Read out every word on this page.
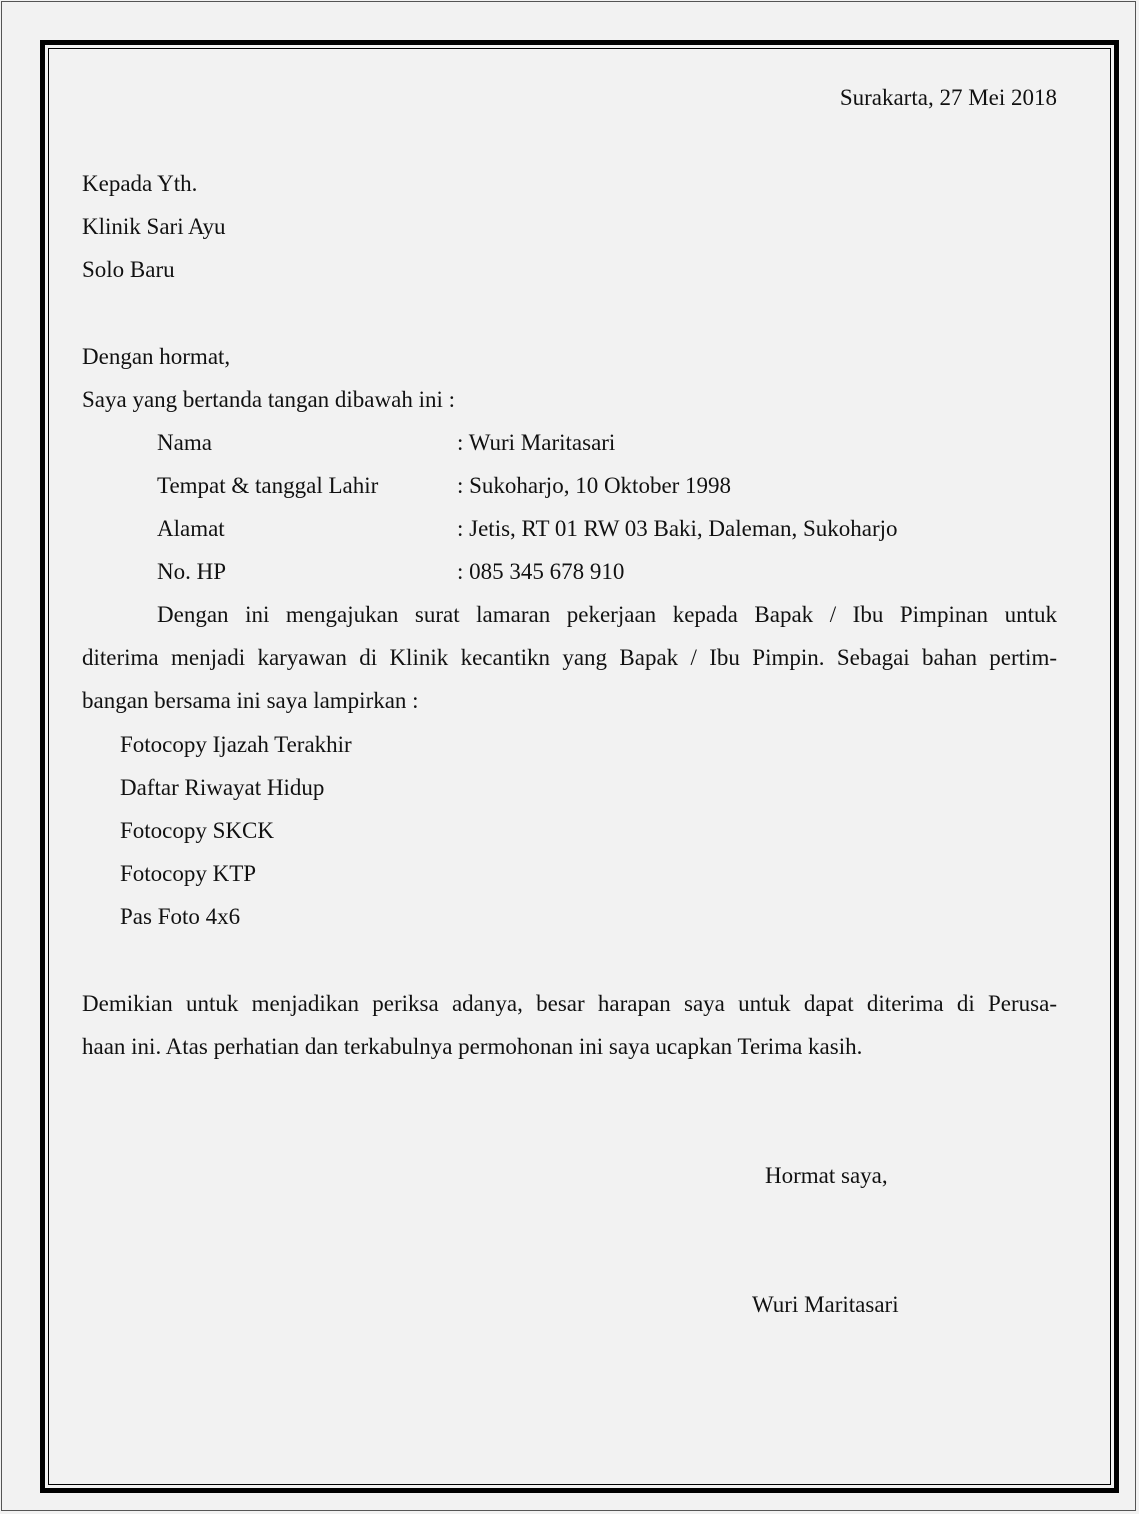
Surakarta, 27 Mei 2018

Kepada Yth.

Klinik Sari Ayu

Solo Baru

Dengan hormat,

Saya yang bertanda tangan dibawah ini :

Nama	: Wuri Maritasari

Tempat & tanggal Lahir	: Sukoharjo, 10 Oktober 1998

Alamat	: Jetis, RT 01 RW 03 Baki, Daleman, Sukoharjo

No. HP	: 085 345 678 910

Dengan ini mengajukan surat lamaran pekerjaan kepada Bapak / Ibu Pimpinan untuk
diterima menjadi karyawan di Klinik kecantikn yang Bapak / Ibu Pimpin. Sebagai bahan pertim-
bangan bersama ini saya lampirkan :

Fotocopy Ijazah Terakhir

Daftar Riwayat Hidup

Fotocopy SKCK

Fotocopy KTP

Pas Foto 4x6

Demikian untuk menjadikan periksa adanya, besar harapan saya untuk dapat diterima di Perusa-
haan ini. Atas perhatian dan terkabulnya permohonan ini saya ucapkan Terima kasih.

Hormat saya,

Wuri Maritasari
